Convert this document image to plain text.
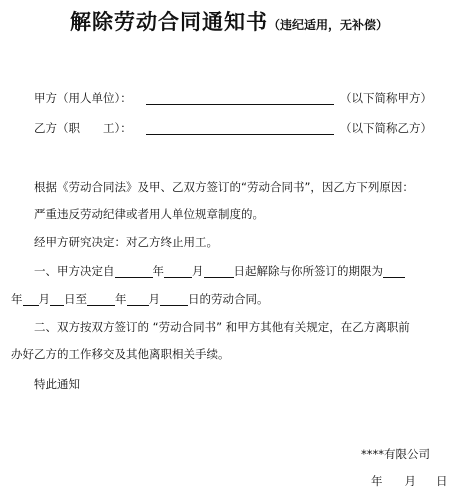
解除劳动合同通知书（违纪适用，无补偿）
甲方（用人单位）：	（以下简称甲方）
乙方（职　　工）：	（以下简称乙方）
根据《劳动合同法》及甲、乙双方签订的“劳动合同书”，因乙方下列原因：
严重违反劳动纪律或者用人单位规章制度的。
经甲方研究决定：对乙方终止用工。
一、甲方决定自	年 月	日起解除与你所签订的期限为
年 月 日至 年 月 日的劳动合同。
二、双方按双方签订的 “劳动合同书” 和甲方其他有关规定，在乙方离职前
办好乙方的工作移交及其他离职相关手续。
特此通知
****有限公司
年 月 日
